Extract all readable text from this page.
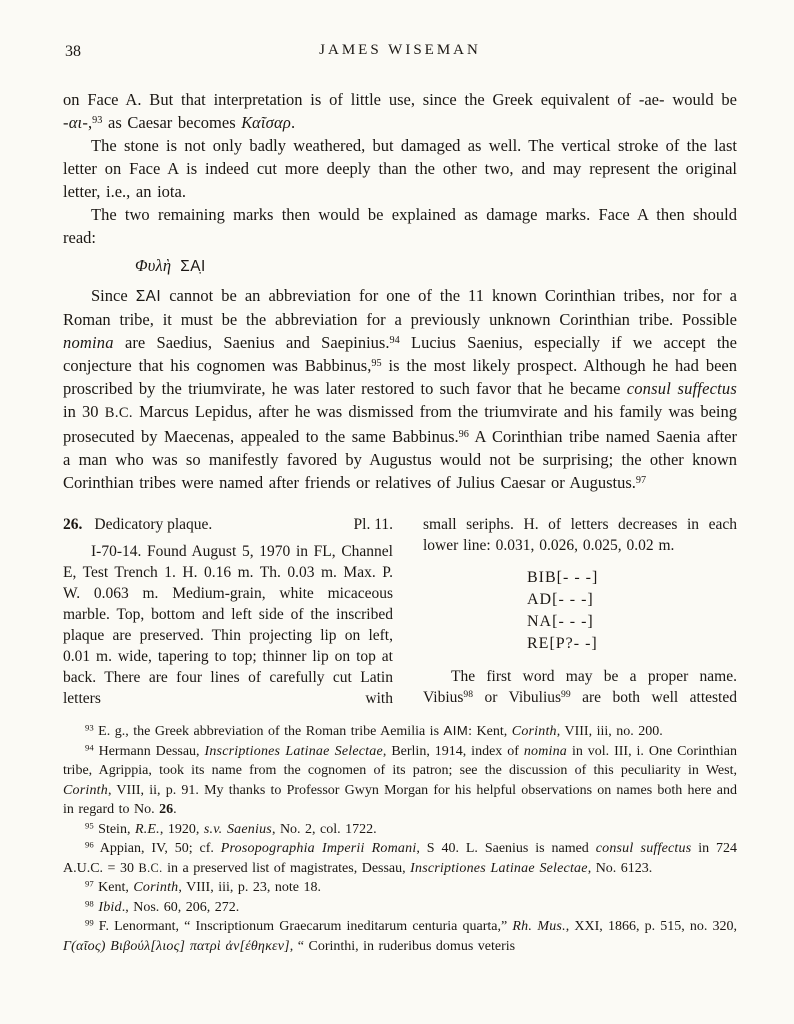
38	JAMES WISEMAN

on Face A. But that interpretation is of little use, since the Greek equivalent of -ae- would be -αι-,$^{93}$ as Caesar becomes Καῖσαρ.

The stone is not only badly weathered, but damaged as well. The vertical stroke of the last letter on Face A is indeed cut more deeply than the other two, and may represent the original letter, i.e., an iota.

The two remaining marks then would be explained as damage marks. Face A then should read:

Φυλὴ ΣΑΙ̣

Since ΣΑΙ cannot be an abbreviation for one of the 11 known Corinthian tribes, nor for a Roman tribe, it must be the abbreviation for a previously unknown Corinthian tribe. Possible nomina are Saedius, Saenius and Saepinius.$^{94}$ Lucius Saenius, especially if we accept the conjecture that his cognomen was Babbinus,$^{95}$ is the most likely prospect. Although he had been proscribed by the triumvirate, he was later restored to such favor that he became consul suffectus in 30 B.C. Marcus Lepidus, after he was dismissed from the triumvirate and his family was being prosecuted by Maecenas, appealed to the same Babbinus.$^{96}$ A Corinthian tribe named Saenia after a man who was so manifestly favored by Augustus would not be surprising; the other known Corinthian tribes were named after friends or relatives of Julius Caesar or Augustus.$^{97}$

26. Dedicatory plaque.	Pl. 11.

I-70-14. Found August 5, 1970 in FL, Channel E, Test Trench 1. H. 0.16 m. Th. 0.03 m. Max. P. W. 0.063 m. Medium-grain, white micaceous marble. Top, bottom and left side of the inscribed plaque are preserved. Thin projecting lip on left, 0.01 m. wide, tapering to top; thinner lip on top at back. There are four lines of carefully cut Latin letters with

small seriphs. H. of letters decreases in each lower line: 0.031, 0.026, 0.025, 0.02 m.

BIB[- - -]
AD[- - -]
NA[- - -]
RE[P?- -]

The first word may be a proper name. Vibius$^{98}$ or Vibulius$^{99}$ are both well attested

$^{93}$ E. g., the Greek abbreviation of the Roman tribe Aemilia is AIM: Kent, Corinth, VIII, iii, no. 200.

$^{94}$ Hermann Dessau, Inscriptiones Latinae Selectae, Berlin, 1914, index of nomina in vol. III, i. One Corinthian tribe, Agrippia, took its name from the cognomen of its patron; see the discussion of this peculiarity in West, Corinth, VIII, ii, p. 91. My thanks to Professor Gwyn Morgan for his helpful observations on names both here and in regard to No. 26.

$^{95}$ Stein, R.E., 1920, s.v. Saenius, No. 2, col. 1722.

$^{96}$ Appian, IV, 50; cf. Prosopographia Imperii Romani, S 40. L. Saenius is named consul suffectus in 724 A.U.C. = 30 B.C. in a preserved list of magistrates, Dessau, Inscriptiones Latinae Selectae, No. 6123.

$^{97}$ Kent, Corinth, VIII, iii, p. 23, note 18.

$^{98}$ Ibid., Nos. 60, 206, 272.

$^{99}$ F. Lenormant, “ Inscriptionum Graecarum ineditarum centuria quarta,” Rh. Mus., XXI, 1866, p. 515, no. 320, Γ(αῖος) Βιβούλ[λιος] πατρὶ ἀν[έθηκεν], “ Corinthi, in ruderibus domus veteris
